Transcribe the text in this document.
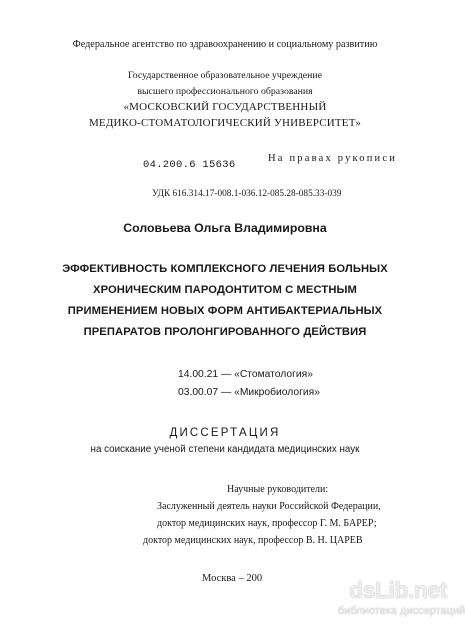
Федеральное агентство по здравоохранению и социальному развитию
Государственное образовательное учреждение
высшего профессионального образования
«МОСКОВСКИЙ ГОСУДАРСТВЕННЫЙ
МЕДИКО-СТОМАТОЛОГИЧЕСКИЙ УНИВЕРСИТЕТ»
04.200.6 15636
На правах рукописи
УДК 616.314.17-008.1-036.12-085.28-085.33-039
Соловьева Ольга Владимировна
ЭФФЕКТИВНОСТЬ КОМПЛЕКСНОГО ЛЕЧЕНИЯ БОЛЬНЫХ
ХРОНИЧЕСКИМ ПАРОДОНТИТОМ С МЕСТНЫМ
ПРИМЕНЕНИЕМ НОВЫХ ФОРМ АНТИБАКТЕРИАЛЬНЫХ
ПРЕПАРАТОВ ПРОЛОНГИРОВАННОГО ДЕЙСТВИЯ
14.00.21 — «Стоматология»
03.00.07 — «Микробиология»
ДИССЕРТАЦИЯ
на соискание ученой степени кандидата медицинских наук
Научные руководители:
Заслуженный деятель науки Российской Федерации,
доктор медицинских наук, профессор Г. М. БАРЕР;
доктор медицинских наук, профессор В. Н. ЦАРЕВ
Москва – 200	dsLib.net
библиотека диссертаций
